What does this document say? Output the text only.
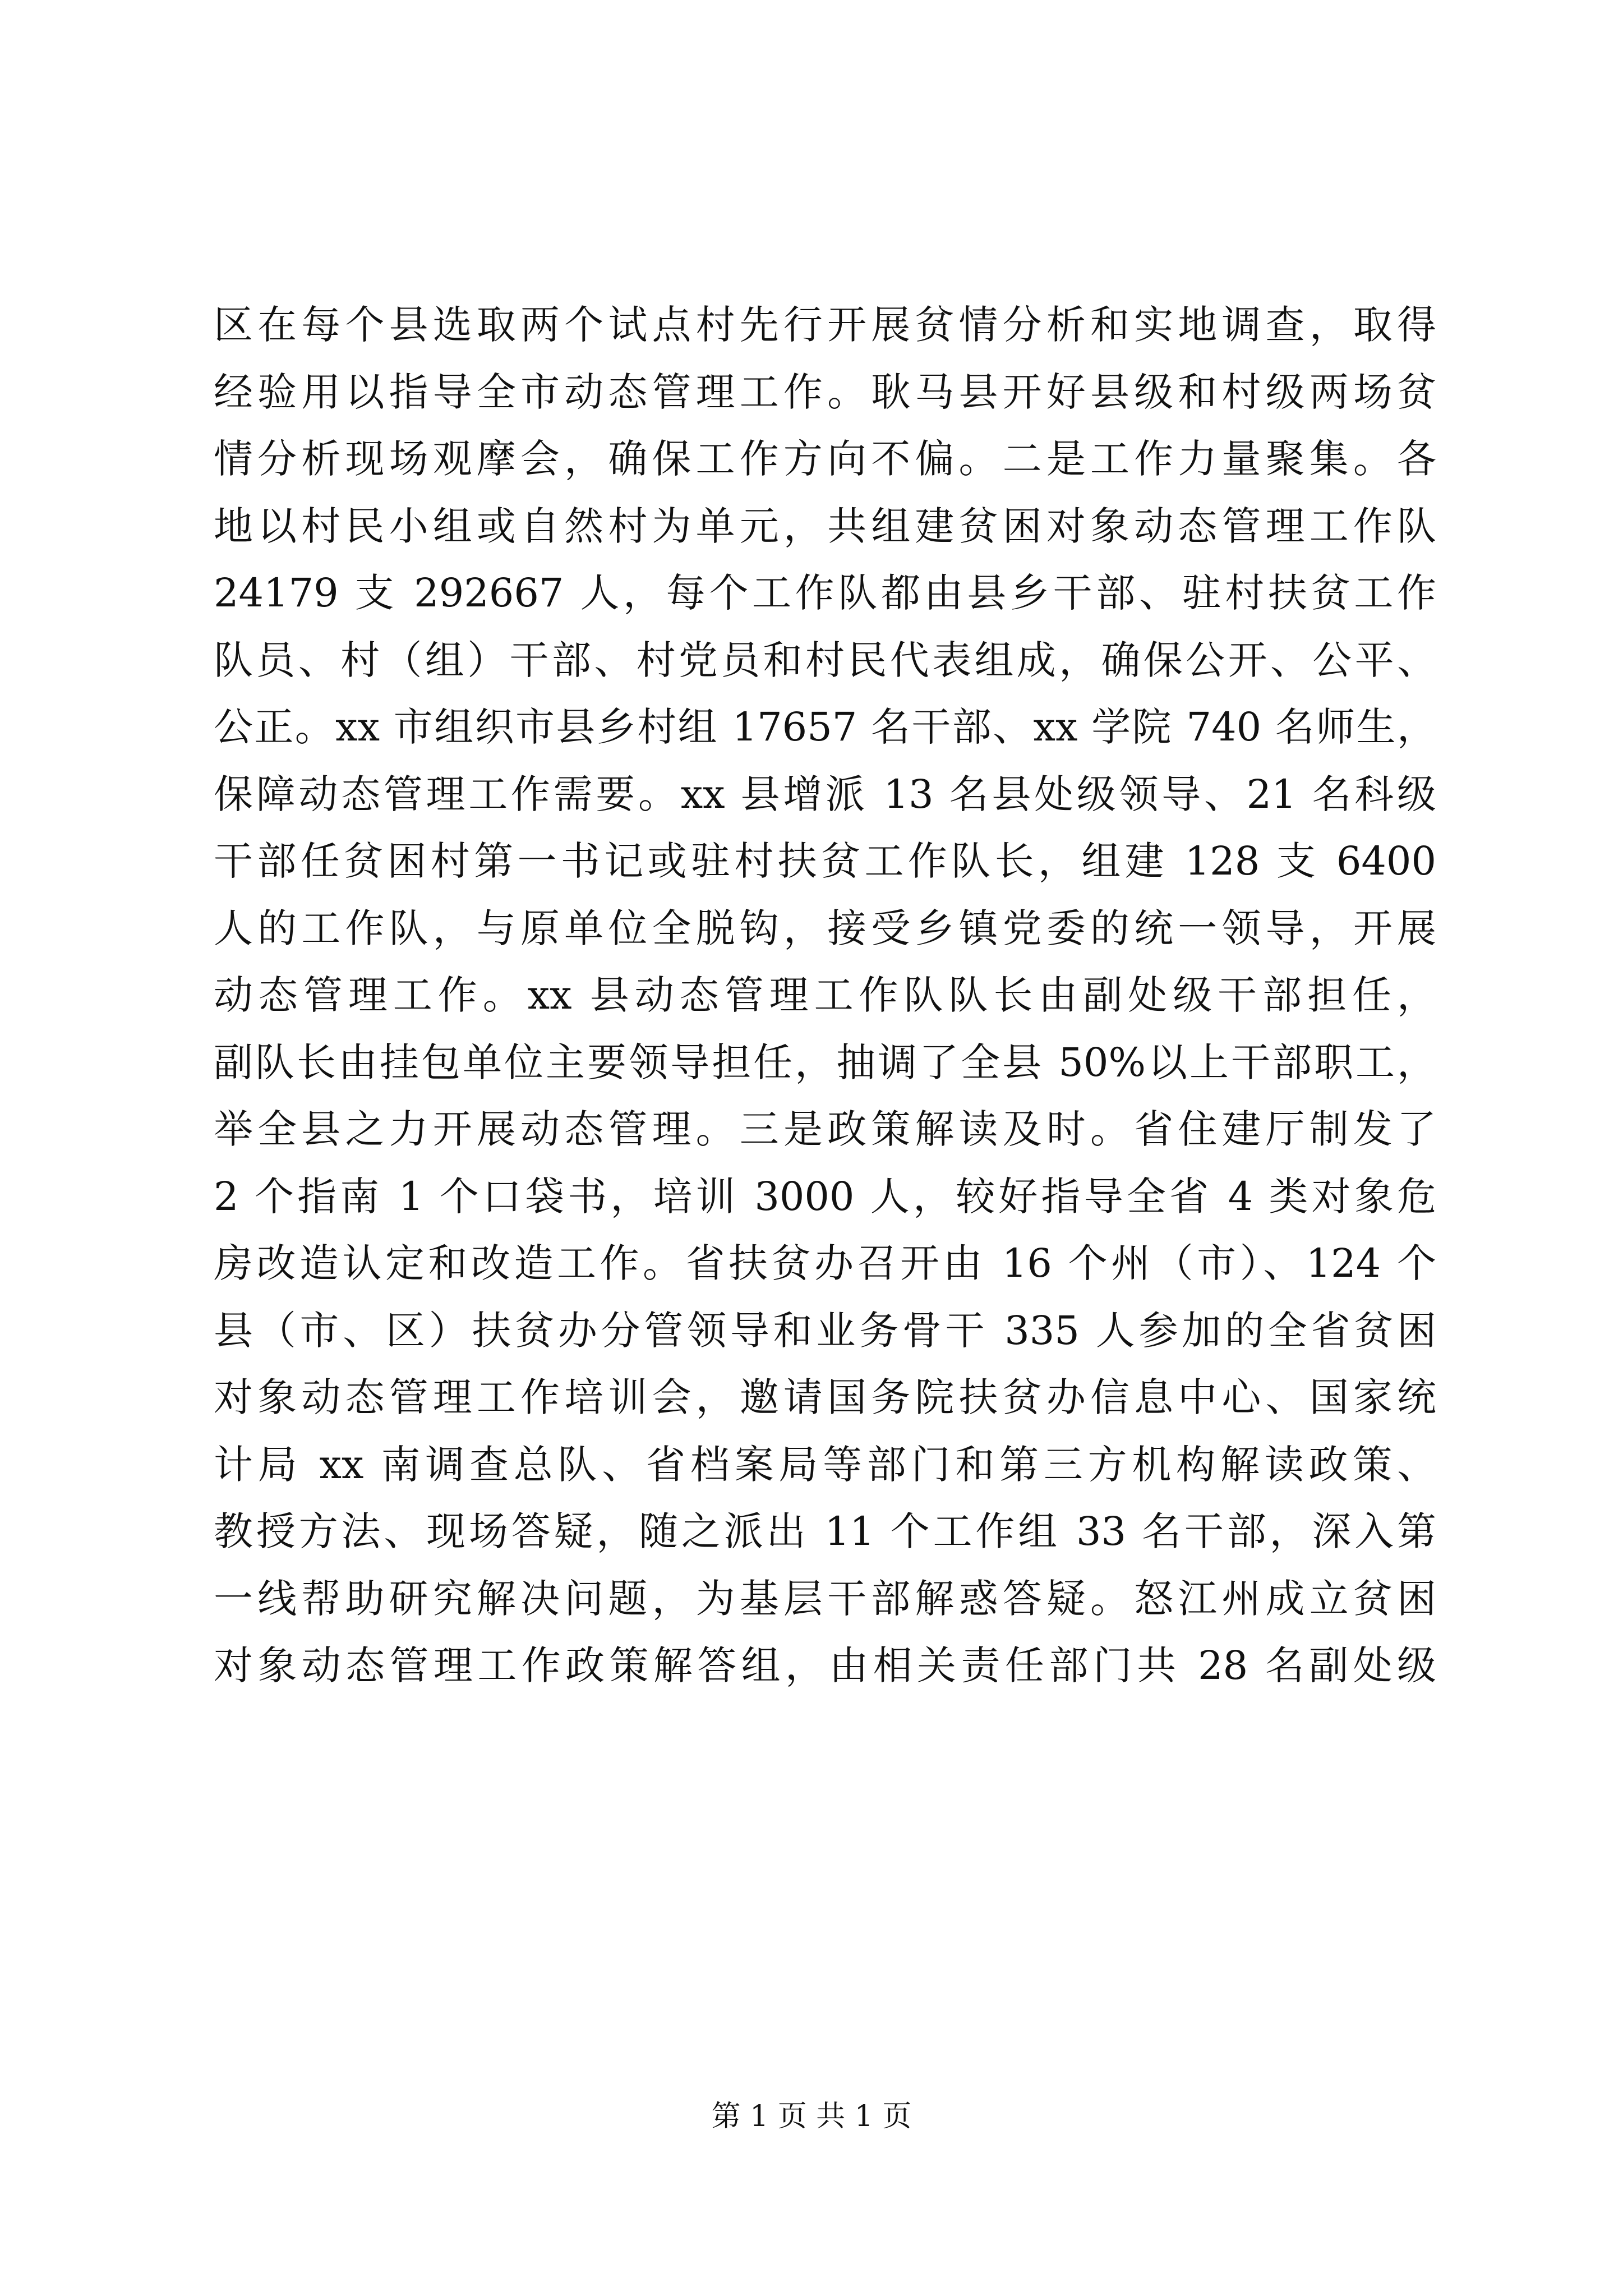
区在每个县选取两个试点村先行开展贫情分析和实地调查，取得
经验用以指导全市动态管理工作。耿马县开好县级和村级两场贫
情分析现场观摩会，确保工作方向不偏。二是工作力量聚集。各
地以村民小组或自然村为单元，共组建贫困对象动态管理工作队
24179 支 292667 人，每个工作队都由县乡干部、驻村扶贫工作
队员、村（组）干部、村党员和村民代表组成，确保公开、公平、
公正。xx 市组织市县乡村组 17657 名干部、xx 学院 740 名师生，
保障动态管理工作需要。xx 县增派 13 名县处级领导、21 名科级
干部任贫困村第一书记或驻村扶贫工作队长，组建 128 支 6400
人的工作队，与原单位全脱钩，接受乡镇党委的统一领导，开展
动态管理工作。xx 县动态管理工作队队长由副处级干部担任，
副队长由挂包单位主要领导担任，抽调了全县 50%以上干部职工，
举全县之力开展动态管理。三是政策解读及时。省住建厅制发了
2 个指南 1 个口袋书，培训 3000 人，较好指导全省 4 类对象危
房改造认定和改造工作。省扶贫办召开由 16 个州（市）、124 个
县（市、区）扶贫办分管领导和业务骨干 335 人参加的全省贫困
对象动态管理工作培训会，邀请国务院扶贫办信息中心、国家统
计局 xx 南调查总队、省档案局等部门和第三方机构解读政策、
教授方法、现场答疑，随之派出 11 个工作组 33 名干部，深入第
一线帮助研究解决问题，为基层干部解惑答疑。怒江州成立贫困
对象动态管理工作政策解答组，由相关责任部门共 28 名副处级
第 1 页 共 1 页
